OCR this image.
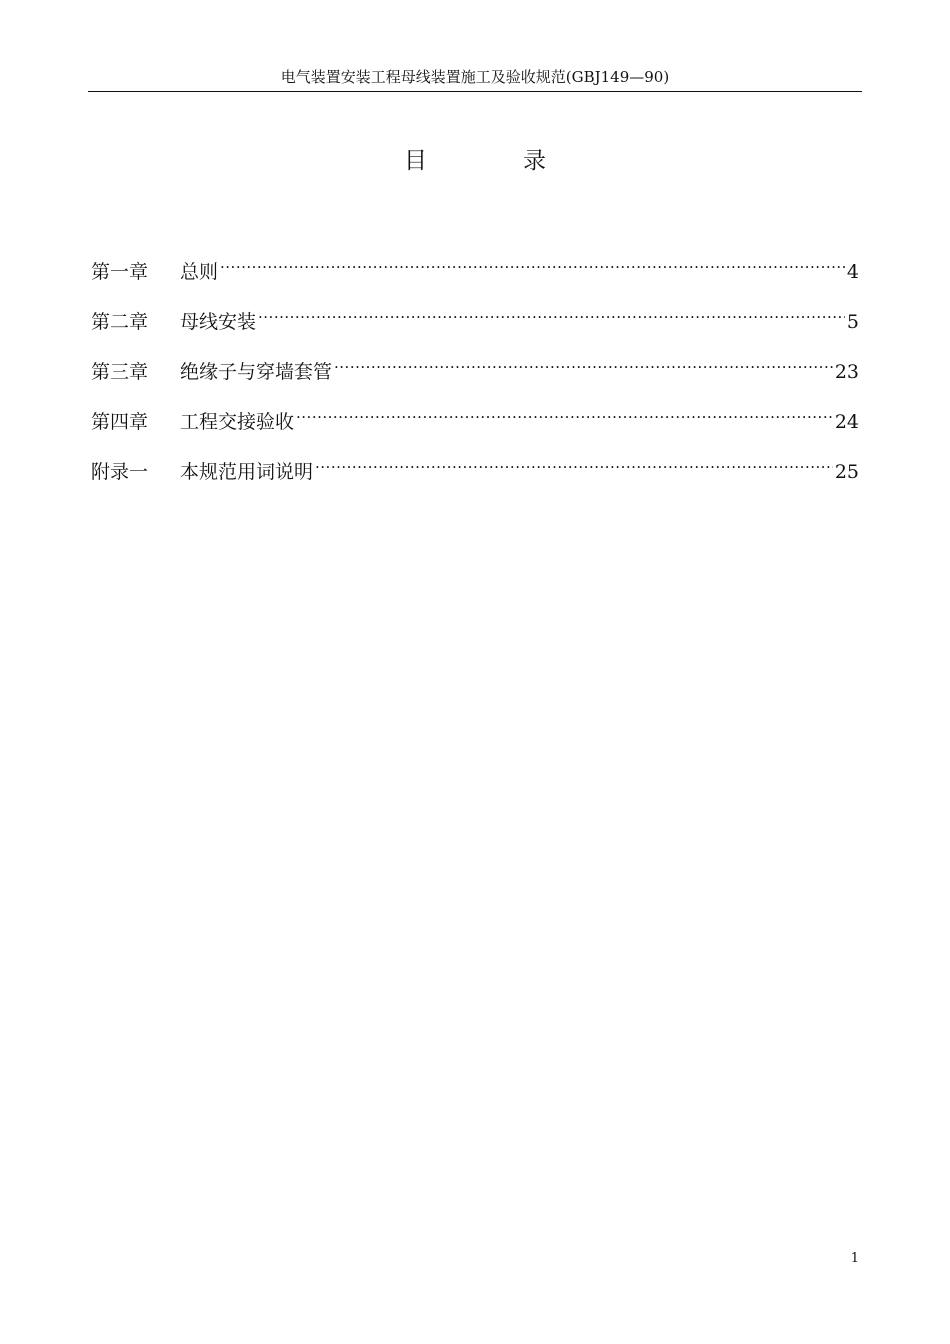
电气装置安装工程母线装置施工及验收规范(GBJ149—90)
目	录
第一章	总则 .....	4
第二章	母线安装 .....	5
第三章	绝缘子与穿墙套管 .....	23
第四章	工程交接验收 .....	24
附录一	本规范用词说明 .....	25
1
